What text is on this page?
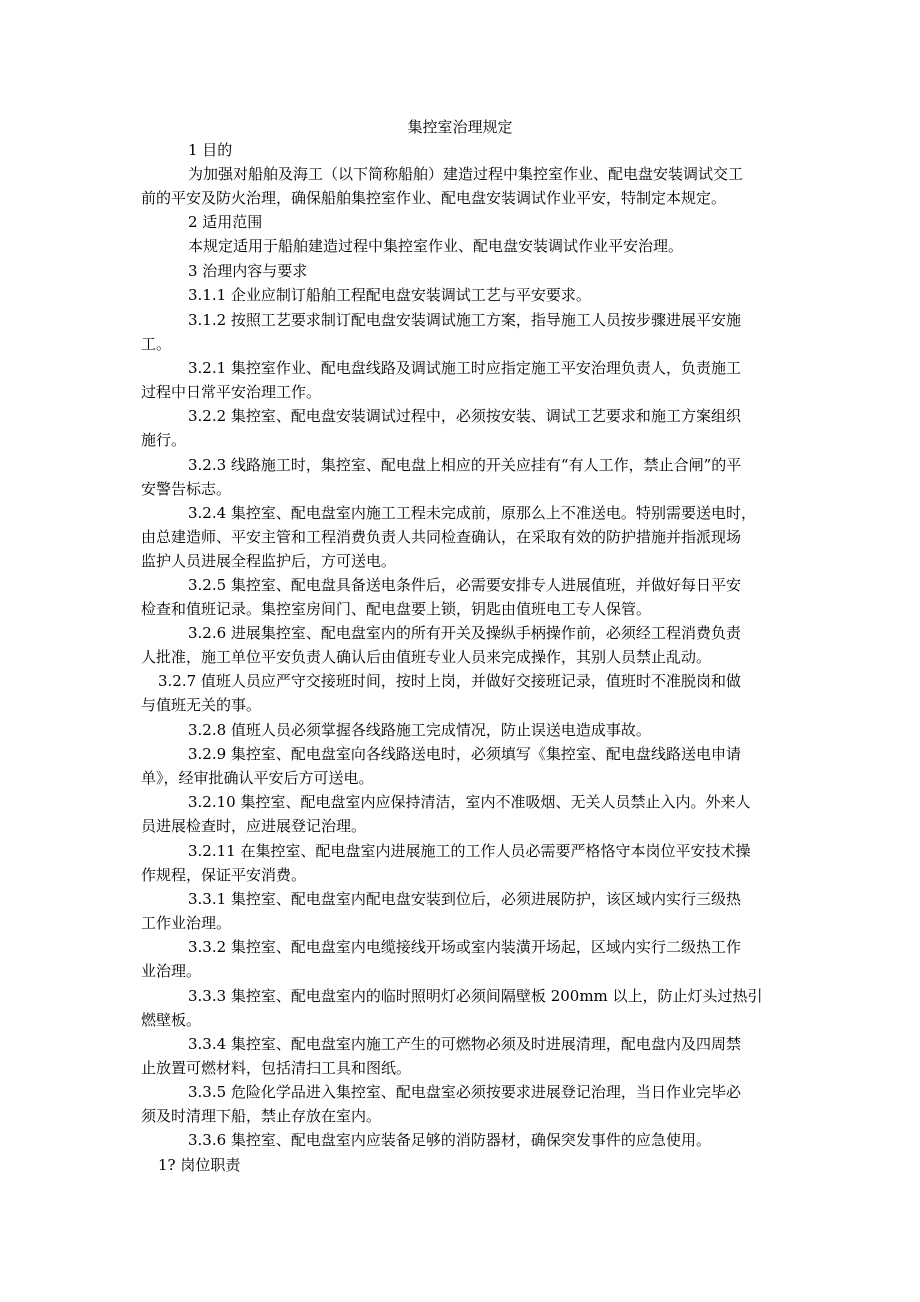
集控室治理规定
1 目的
为加强对船舶及海工（以下简称船舶）建造过程中集控室作业、配电盘安装调试交工
前的平安及防火治理，确保船舶集控室作业、配电盘安装调试作业平安，特制定本规定。
2 适用范围
本规定适用于船舶建造过程中集控室作业、配电盘安装调试作业平安治理。
3 治理内容与要求
3.1.1 企业应制订船舶工程配电盘安装调试工艺与平安要求。
3.1.2 按照工艺要求制订配电盘安装调试施工方案，指导施工人员按步骤进展平安施
工。
3.2.1 集控室作业、配电盘线路及调试施工时应指定施工平安治理负责人，负责施工
过程中日常平安治理工作。
3.2.2 集控室、配电盘安装调试过程中，必须按安装、调试工艺要求和施工方案组织
施行。
3.2.3 线路施工时，集控室、配电盘上相应的开关应挂有“有人工作，禁止合闸”的平
安警告标志。
3.2.4 集控室、配电盘室内施工工程未完成前，原那么上不准送电。特别需要送电时，
由总建造师、平安主管和工程消费负责人共同检查确认，在采取有效的防护措施并指派现场
监护人员进展全程监护后，方可送电。
3.2.5 集控室、配电盘具备送电条件后，必需要安排专人进展值班，并做好每日平安
检查和值班记录。集控室房间门、配电盘要上锁，钥匙由值班电工专人保管。
3.2.6 进展集控室、配电盘室内的所有开关及操纵手柄操作前，必须经工程消费负责
人批准，施工单位平安负责人确认后由值班专业人员来完成操作，其别人员禁止乱动。
3.2.7 值班人员应严守交接班时间，按时上岗，并做好交接班记录，值班时不准脱岗和做
与值班无关的事。
3.2.8 值班人员必须掌握各线路施工完成情况，防止误送电造成事故。
3.2.9 集控室、配电盘室向各线路送电时，必须填写《集控室、配电盘线路送电申请
单》，经审批确认平安后方可送电。
3.2.10 集控室、配电盘室内应保持清洁，室内不准吸烟、无关人员禁止入内。外来人
员进展检查时，应进展登记治理。
3.2.11 在集控室、配电盘室内进展施工的工作人员必需要严格恪守本岗位平安技术操
作规程，保证平安消费。
3.3.1 集控室、配电盘室内配电盘安装到位后，必须进展防护，该区域内实行三级热
工作业治理。
3.3.2 集控室、配电盘室内电缆接线开场或室内装潢开场起，区域内实行二级热工作
业治理。
3.3.3 集控室、配电盘室内的临时照明灯必须间隔壁板 200mm 以上，防止灯头过热引
燃壁板。
3.3.4 集控室、配电盘室内施工产生的可燃物必须及时进展清理，配电盘内及四周禁
止放置可燃材料，包括清扫工具和图纸。
3.3.5 危险化学品进入集控室、配电盘室必须按要求进展登记治理，当日作业完毕必
须及时清理下船，禁止存放在室内。
3.3.6 集控室、配电盘室内应装备足够的消防器材，确保突发事件的应急使用。
1? 岗位职责
